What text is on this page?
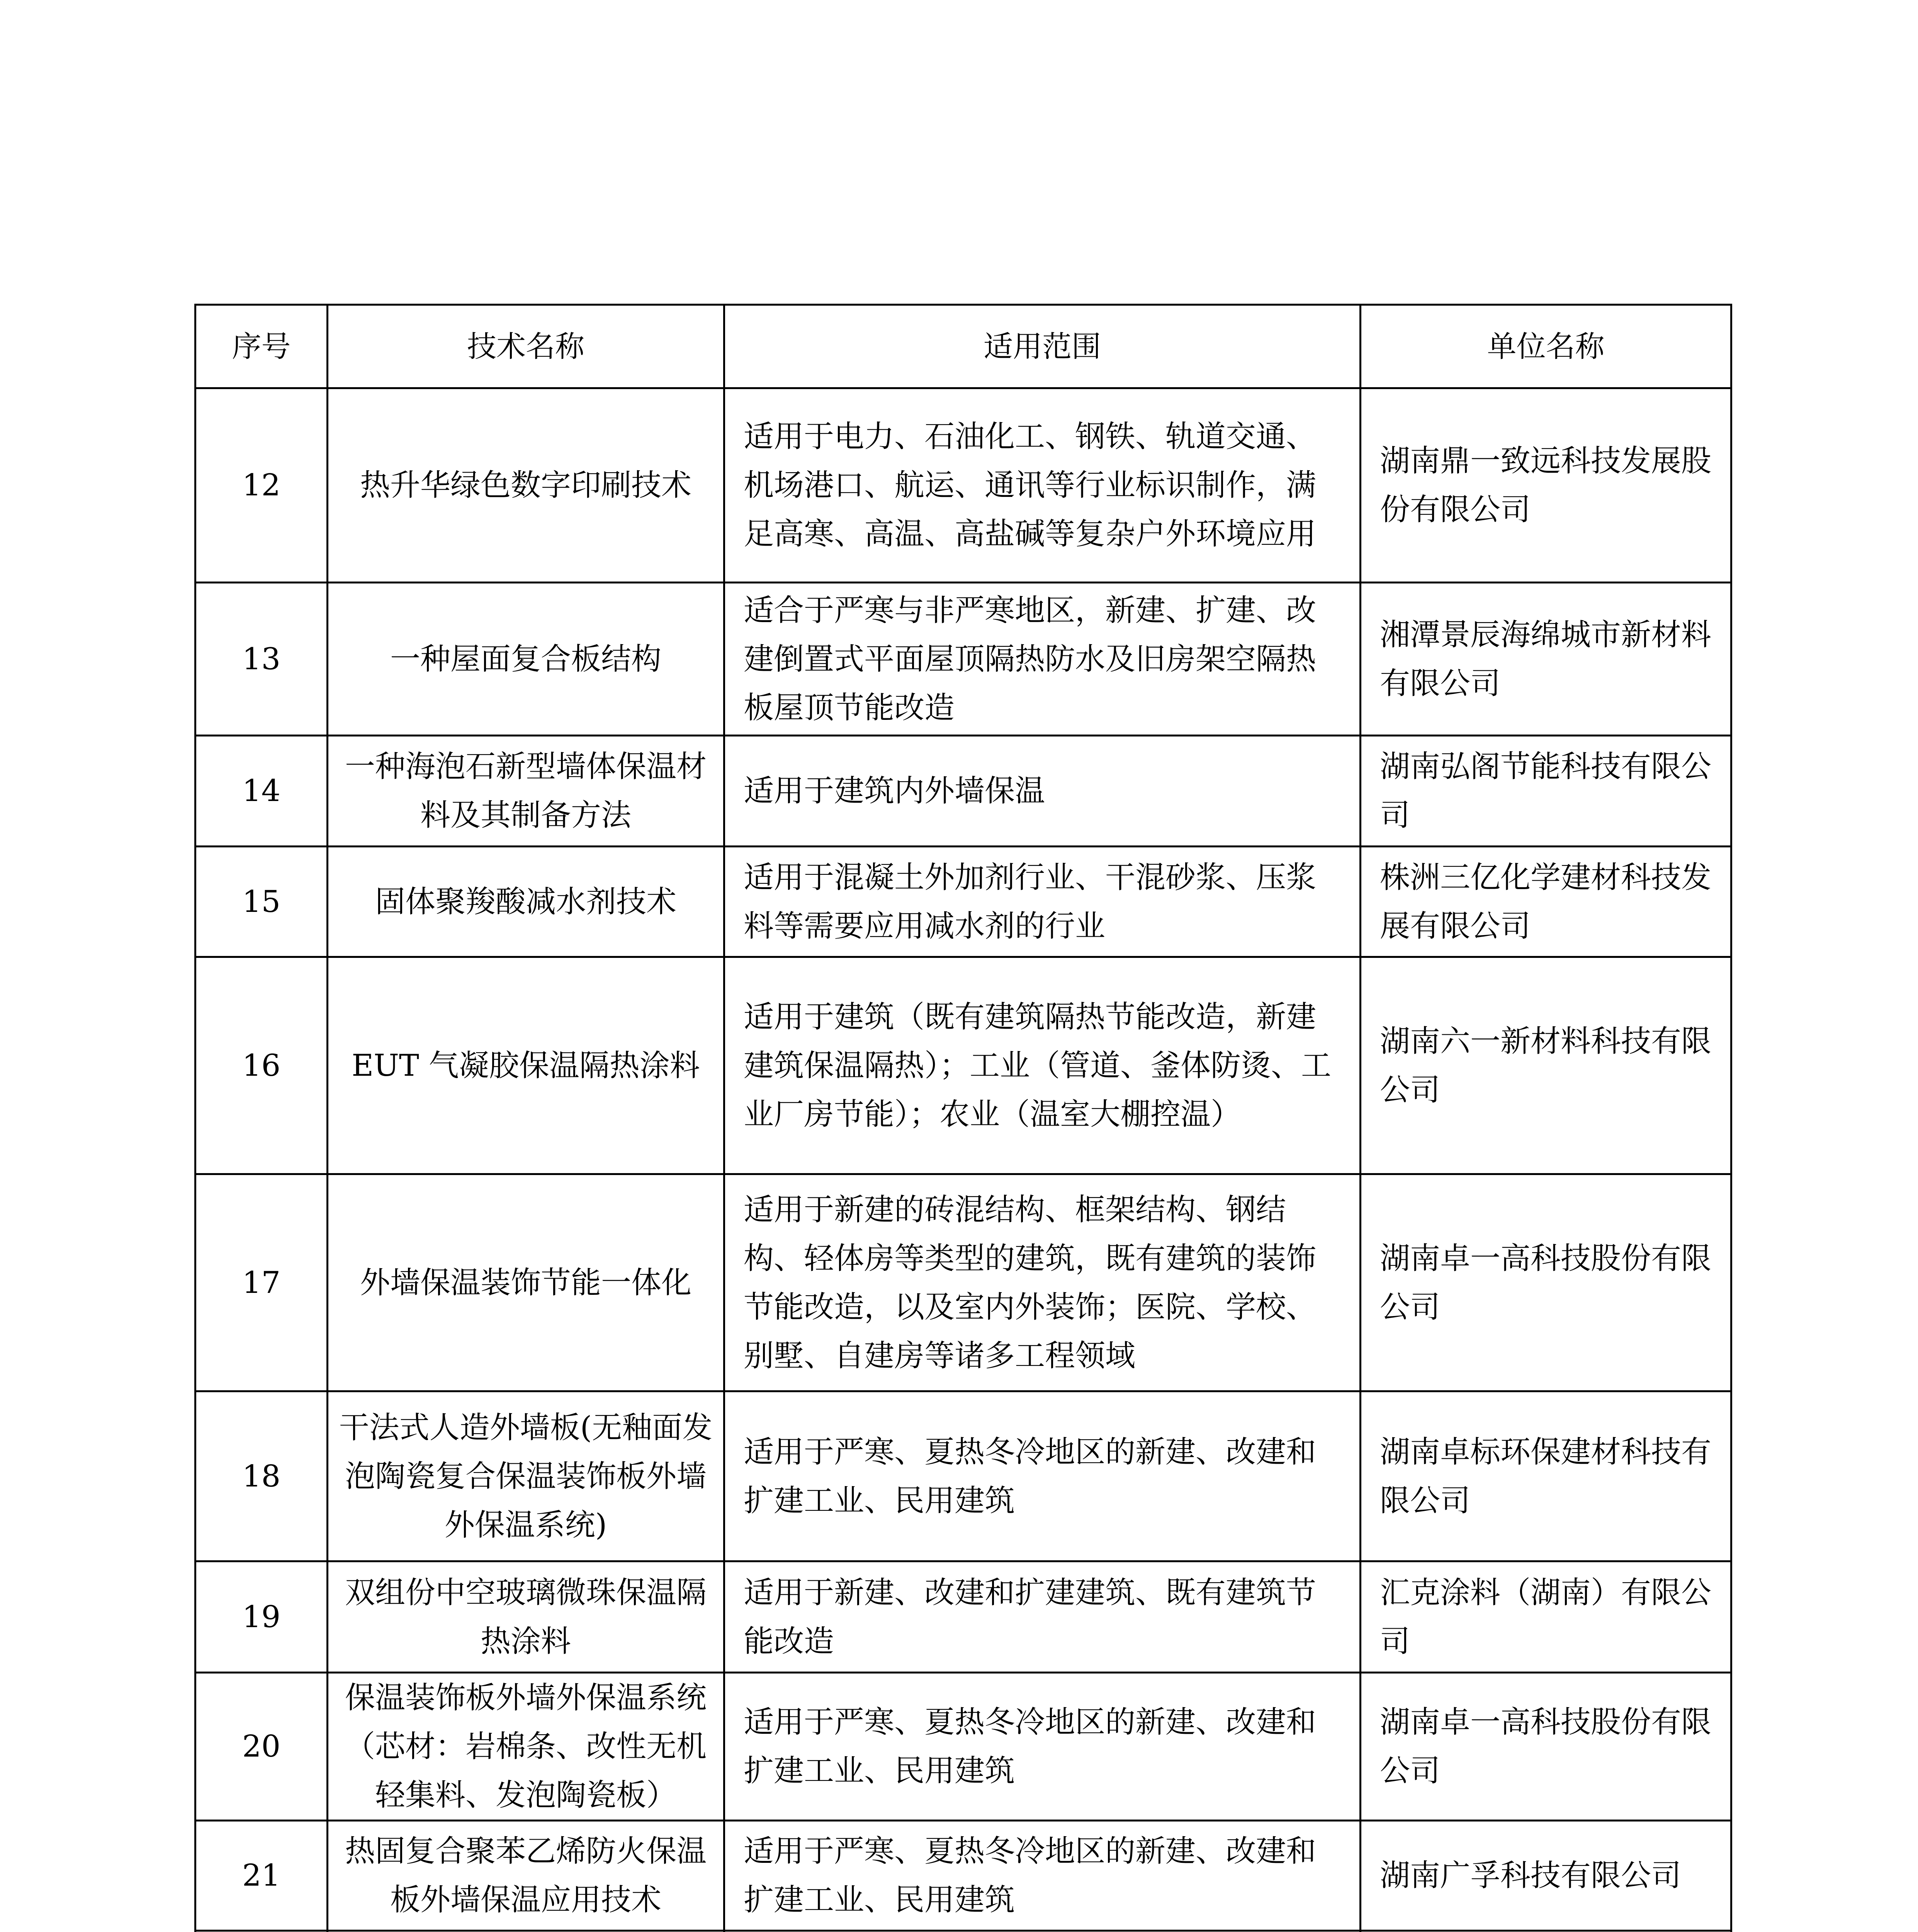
序号	技术名称	适用范围	单位名称
12	热升华绿色数字印刷技术	适用于电力、石油化工、钢铁、轨道交通、机场港口、航运、通讯等行业标识制作，满足高寒、高温、高盐碱等复杂户外环境应用	湖南鼎一致远科技发展股份有限公司
13	一种屋面复合板结构	适合于严寒与非严寒地区，新建、扩建、改建倒置式平面屋顶隔热防水及旧房架空隔热板屋顶节能改造	湘潭景辰海绵城市新材料有限公司
14	一种海泡石新型墙体保温材料及其制备方法	适用于建筑内外墙保温	湖南弘阁节能科技有限公司
15	固体聚羧酸减水剂技术	适用于混凝土外加剂行业、干混砂浆、压浆料等需要应用减水剂的行业	株洲三亿化学建材科技发展有限公司
16	EUT 气凝胶保温隔热涂料	适用于建筑（既有建筑隔热节能改造，新建建筑保温隔热）；工业（管道、釜体防烫、工业厂房节能）；农业（温室大棚控温）	湖南六一新材料科技有限公司
17	外墙保温装饰节能一体化	适用于新建的砖混结构、框架结构、钢结构、轻体房等类型的建筑，既有建筑的装饰节能改造，以及室内外装饰；医院、学校、别墅、自建房等诸多工程领域	湖南卓一高科技股份有限公司
18	干法式人造外墙板(无釉面发泡陶瓷复合保温装饰板外墙外保温系统)	适用于严寒、夏热冬冷地区的新建、改建和扩建工业、民用建筑	湖南卓标环保建材科技有限公司
19	双组份中空玻璃微珠保温隔热涂料	适用于新建、改建和扩建建筑、既有建筑节能改造	汇克涂料（湖南）有限公司
20	保温装饰板外墙外保温系统（芯材：岩棉条、改性无机轻集料、发泡陶瓷板）	适用于严寒、夏热冬冷地区的新建、改建和扩建工业、民用建筑	湖南卓一高科技股份有限公司
21	热固复合聚苯乙烯防火保温板外墙保温应用技术	适用于严寒、夏热冬冷地区的新建、改建和扩建工业、民用建筑	湖南广孚科技有限公司
